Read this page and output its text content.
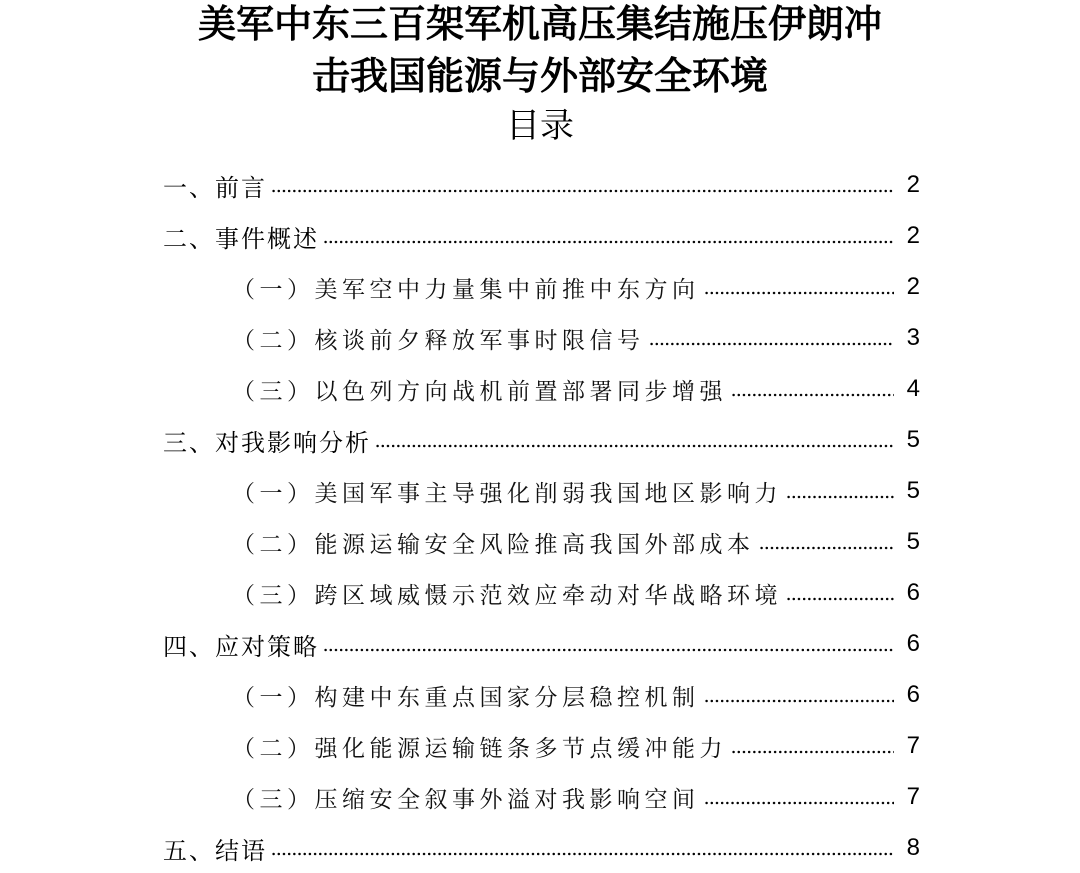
美军中东三百架军机高压集结施压伊朗冲
击我国能源与外部安全环境
目录
一、前言	2
二、事件概述	2
（一）美军空中力量集中前推中东方向	2
（二）核谈前夕释放军事时限信号	3
（三）以色列方向战机前置部署同步增强	4
三、对我影响分析	5
（一）美国军事主导强化削弱我国地区影响力	5
（二）能源运输安全风险推高我国外部成本	5
（三）跨区域威慑示范效应牵动对华战略环境	6
四、应对策略	6
（一）构建中东重点国家分层稳控机制	6
（二）强化能源运输链条多节点缓冲能力	7
（三）压缩安全叙事外溢对我影响空间	7
五、结语	8
